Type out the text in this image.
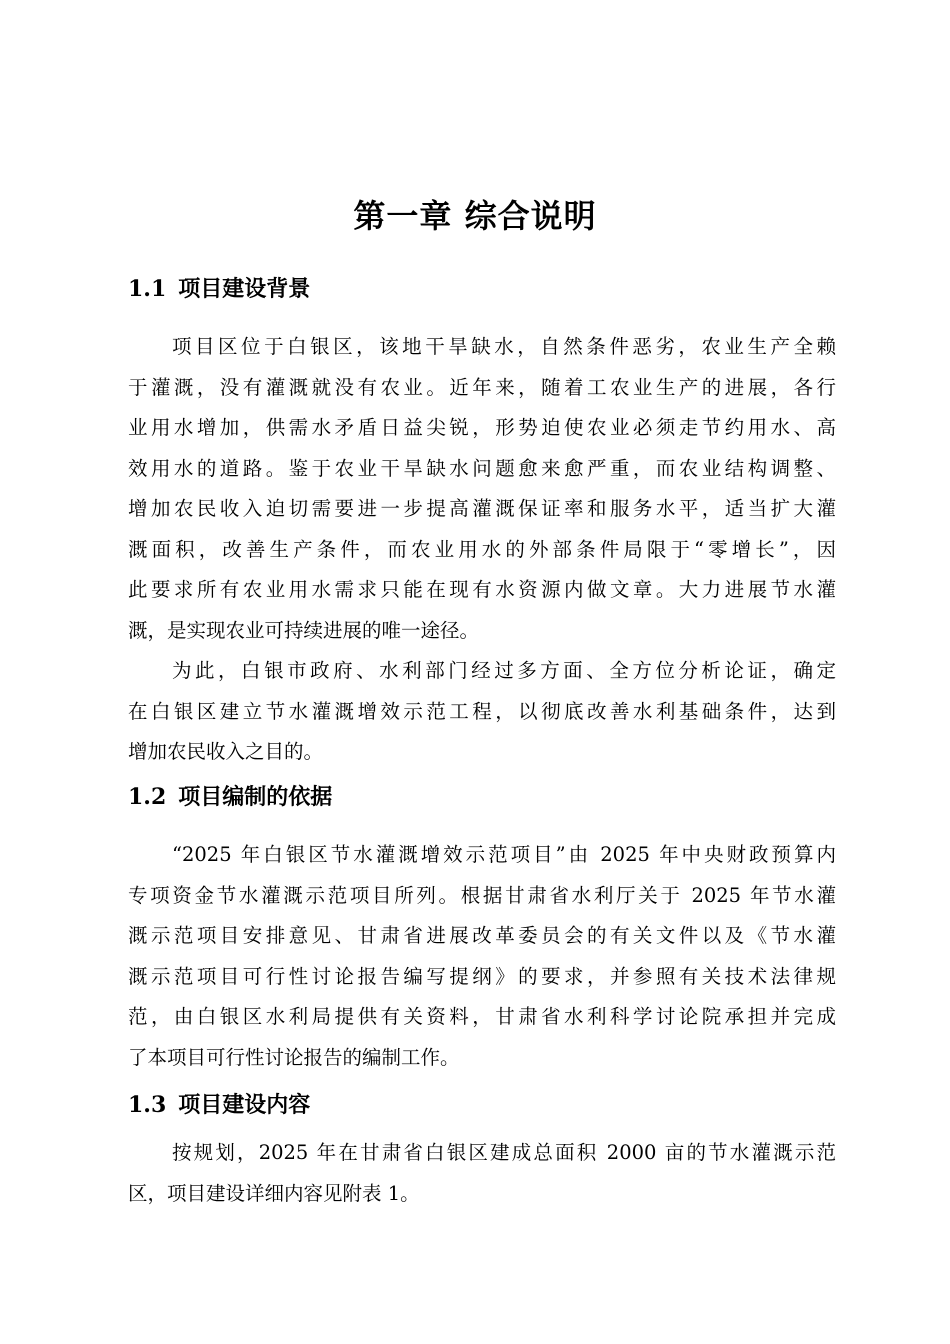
第一章 综合说明
1.1 项目建设背景
项目区位于白银区，该地干旱缺水，自然条件恶劣，农业生产全赖
于灌溉，没有灌溉就没有农业。近年来，随着工农业生产的进展，各行
业用水增加，供需水矛盾日益尖锐，形势迫使农业必须走节约用水、高
效用水的道路。鉴于农业干旱缺水问题愈来愈严重，而农业结构调整、
增加农民收入迫切需要进一步提高灌溉保证率和服务水平，适当扩大灌
溉面积，改善生产条件，而农业用水的外部条件局限于“零增长”，因
此要求所有农业用水需求只能在现有水资源内做文章。大力进展节水灌
溉，是实现农业可持续进展的唯一途径。
为此，白银市政府、水利部门经过多方面、全方位分析论证，确定
在白银区建立节水灌溉增效示范工程，以彻底改善水利基础条件，达到
增加农民收入之目的。
1.2 项目编制的依据
“2025 年白银区节水灌溉增效示范项目”由 2025 年中央财政预算内
专项资金节水灌溉示范项目所列。根据甘肃省水利厅关于 2025 年节水灌
溉示范项目安排意见、甘肃省进展改革委员会的有关文件以及《节水灌
溉示范项目可行性讨论报告编写提纲》的要求，并参照有关技术法律规
范，由白银区水利局提供有关资料，甘肃省水利科学讨论院承担并完成
了本项目可行性讨论报告的编制工作。
1.3 项目建设内容
按规划，2025 年在甘肃省白银区建成总面积 2000 亩的节水灌溉示范
区，项目建设详细内容见附表 1。
